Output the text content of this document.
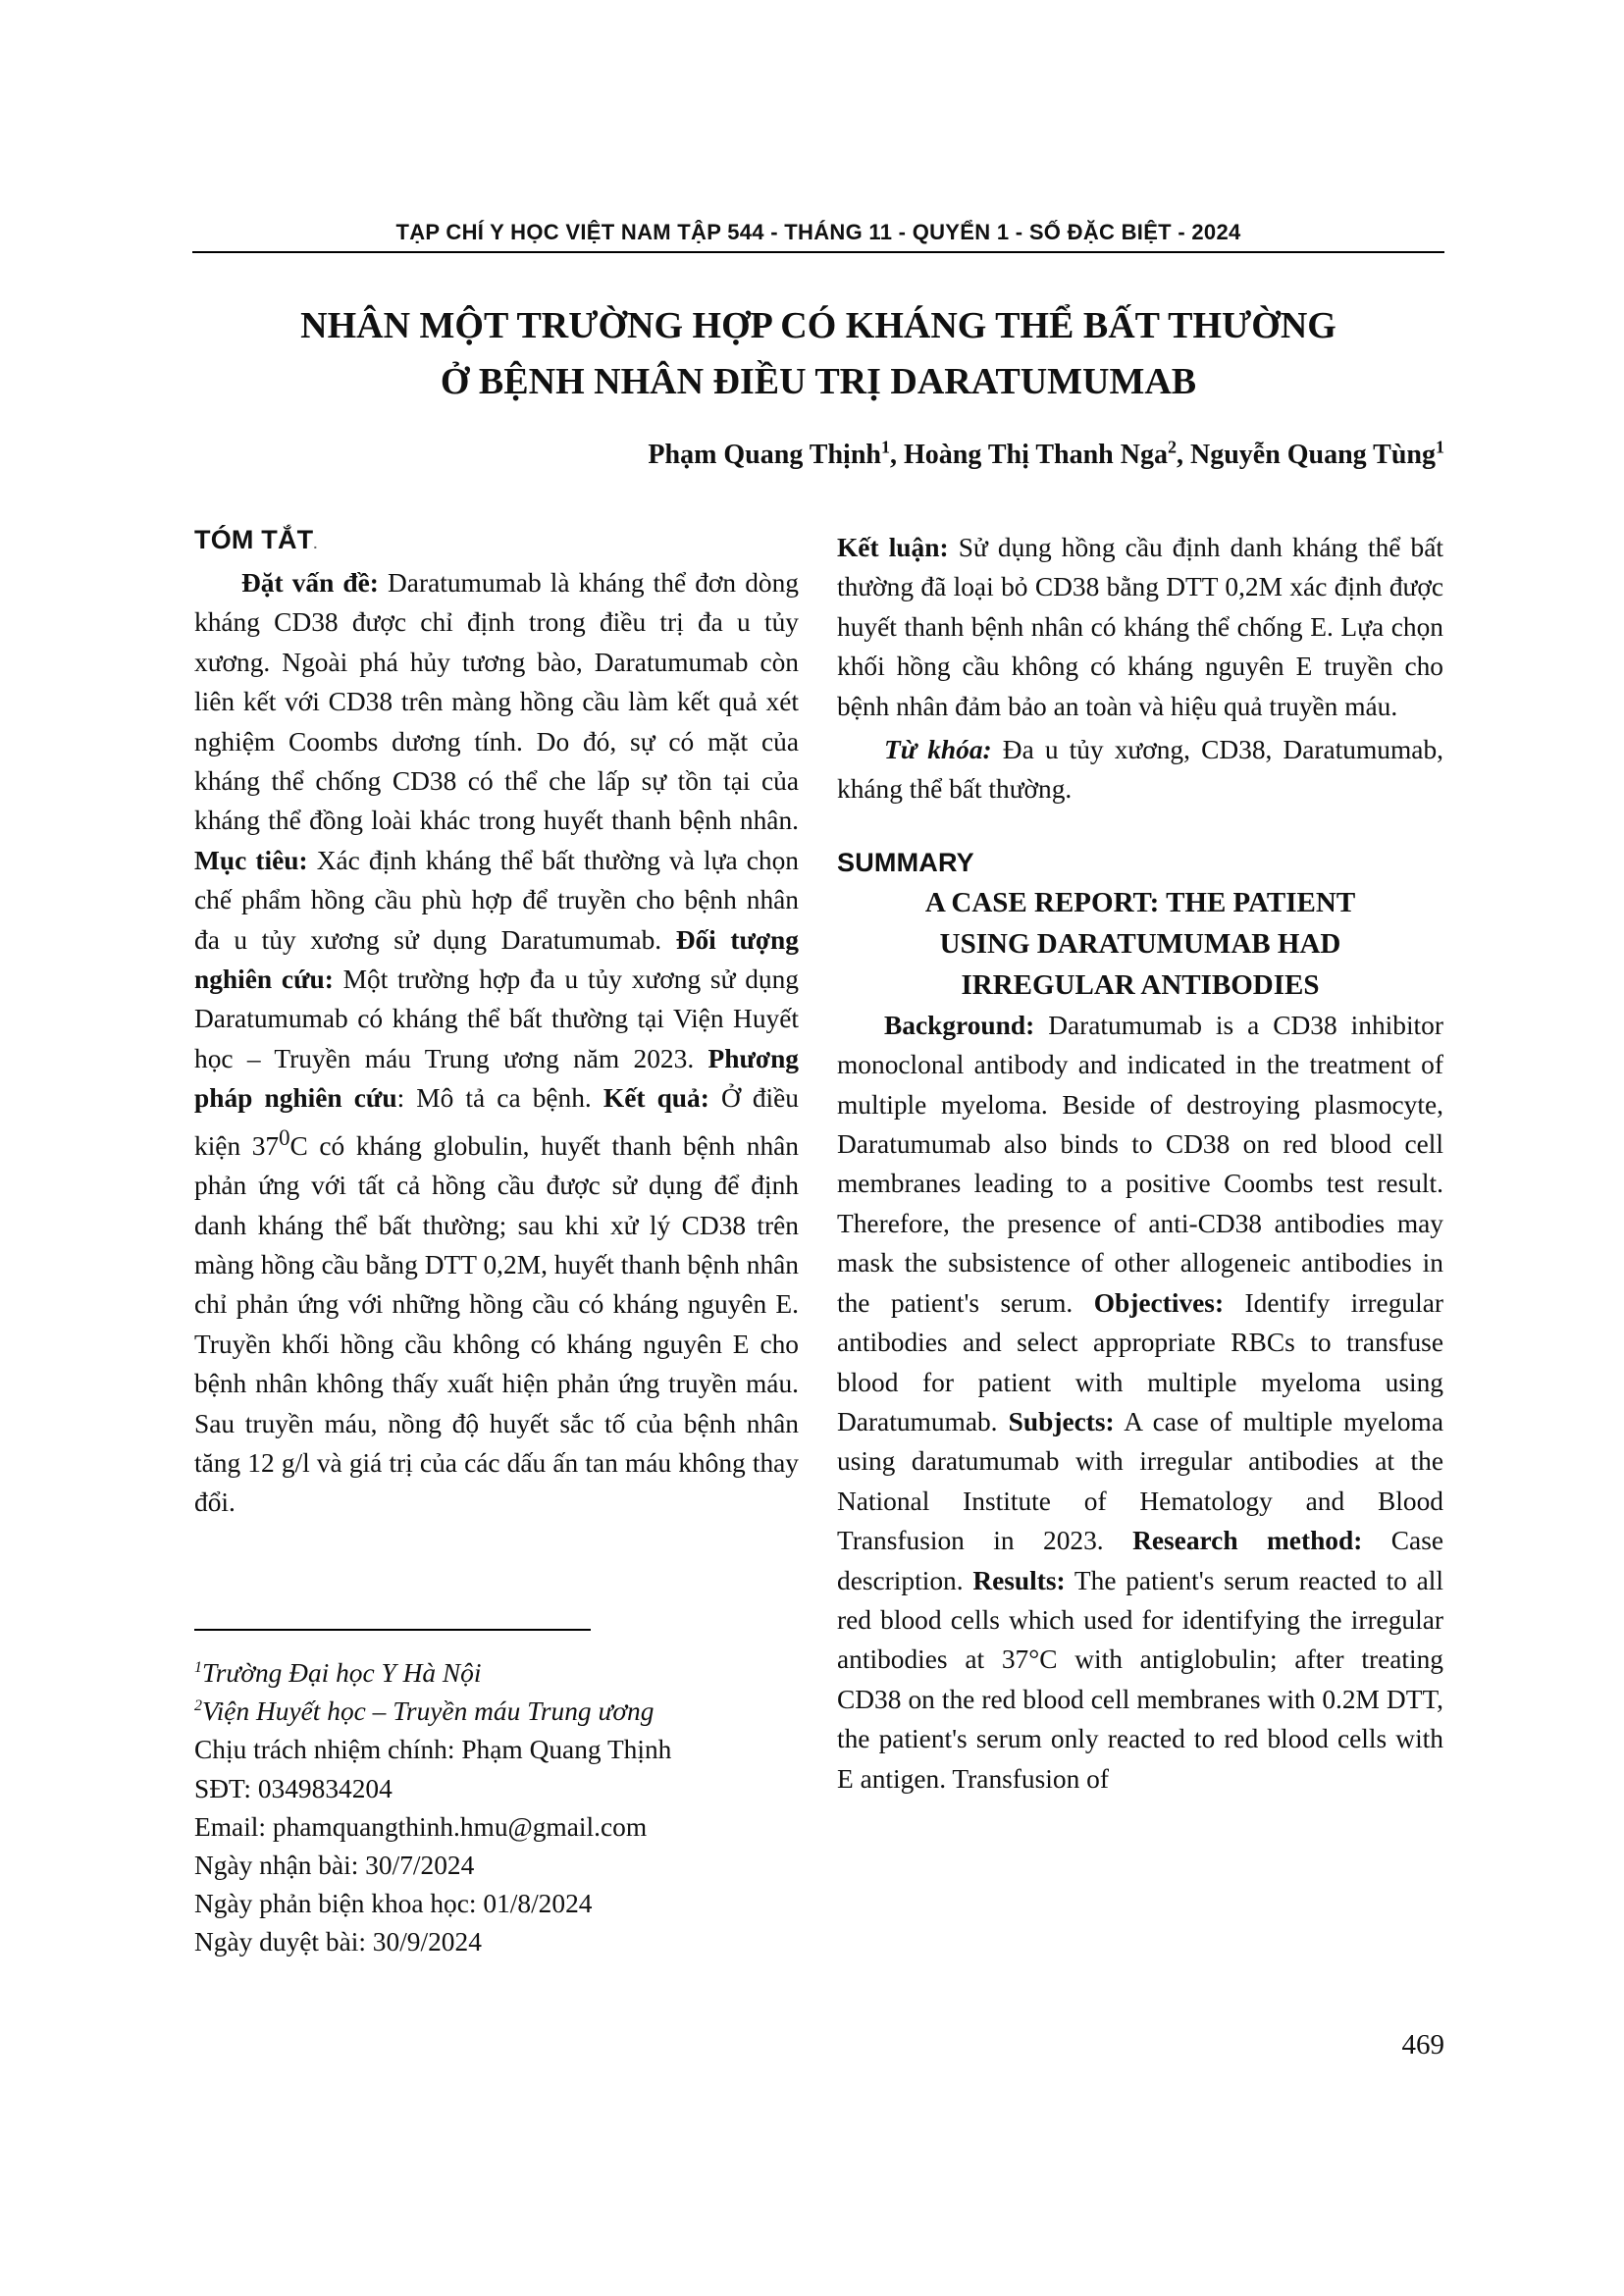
TẠP CHÍ Y HỌC VIỆT NAM TẬP 544 - THÁNG 11 - QUYỂN 1 - SỐ ĐẶC BIỆT - 2024
NHÂN MỘT TRƯỜNG HỢP CÓ KHÁNG THỂ BẤT THƯỜNG
Ở BỆNH NHÂN ĐIỀU TRỊ DARATUMUMAB
Phạm Quang Thịnh$^1$, Hoàng Thị Thanh Nga$^2$, Nguyễn Quang Tùng$^1$
TÓM TẮT.

Đặt vấn đề: Daratumumab là kháng thể đơn dòng kháng CD38 được chỉ định trong điều trị đa u tủy xương. Ngoài phá hủy tương bào, Daratumumab còn liên kết với CD38 trên màng hồng cầu làm kết quả xét nghiệm Coombs dương tính. Do đó, sự có mặt của kháng thể chống CD38 có thể che lấp sự tồn tại của kháng thể đồng loài khác trong huyết thanh bệnh nhân. Mục tiêu: Xác định kháng thể bất thường và lựa chọn chế phẩm hồng cầu phù hợp để truyền cho bệnh nhân đa u tủy xương sử dụng Daratumumab. Đối tượng nghiên cứu: Một trường hợp đa u tủy xương sử dụng Daratumumab có kháng thể bất thường tại Viện Huyết học – Truyền máu Trung ương năm 2023. Phương pháp nghiên cứu: Mô tả ca bệnh. Kết quả: Ở điều kiện $37^0C$ có kháng globulin, huyết thanh bệnh nhân phản ứng với tất cả hồng cầu được sử dụng để định danh kháng thể bất thường; sau khi xử lý CD38 trên màng hồng cầu bằng DTT 0,2M, huyết thanh bệnh nhân chỉ phản ứng với những hồng cầu có kháng nguyên E. Truyền khối hồng cầu không có kháng nguyên E cho bệnh nhân không thấy xuất hiện phản ứng truyền máu. Sau truyền máu, nồng độ huyết sắc tố của bệnh nhân tăng 12 g/l và giá trị của các dấu ấn tan máu không thay đổi.

Kết luận: Sử dụng hồng cầu định danh kháng thể bất thường đã loại bỏ CD38 bằng DTT 0,2M xác định được huyết thanh bệnh nhân có kháng thể chống E. Lựa chọn khối hồng cầu không có kháng nguyên E truyền cho bệnh nhân đảm bảo an toàn và hiệu quả truyền máu.

Từ khóa: Đa u tủy xương, CD38, Daratumumab, kháng thể bất thường.

SUMMARY
A CASE REPORT: THE PATIENT
USING DARATUMUMAB HAD
IRREGULAR ANTIBODIES

Background: Daratumumab is a CD38 inhibitor monoclonal antibody and indicated in the treatment of multiple myeloma. Beside of destroying plasmocyte, Daratumumab also binds to CD38 on red blood cell membranes leading to a positive Coombs test result. Therefore, the presence of anti-CD38 antibodies may mask the subsistence of other allogeneic antibodies in the patient's serum. Objectives: Identify irregular antibodies and select appropriate RBCs to transfuse blood for patient with multiple myeloma using Daratumumab. Subjects: A case of multiple myeloma using daratumumab with irregular antibodies at the National Institute of Hematology and Blood Transfusion in 2023. Research method: Case description. Results: The patient's serum reacted to all red blood cells which used for identifying the irregular antibodies at 37°C with antiglobulin; after treating CD38 on the red blood cell membranes with 0.2M DTT, the patient's serum only reacted to red blood cells with E antigen. Transfusion of

$^1$Trường Đại học Y Hà Nội
$^2$Viện Huyết học – Truyền máu Trung ương
Chịu trách nhiệm chính: Phạm Quang Thịnh
SĐT: 0349834204
Email: phamquangthinh.hmu@gmail.com
Ngày nhận bài: 30/7/2024
Ngày phản biện khoa học: 01/8/2024
Ngày duyệt bài: 30/9/2024
469
